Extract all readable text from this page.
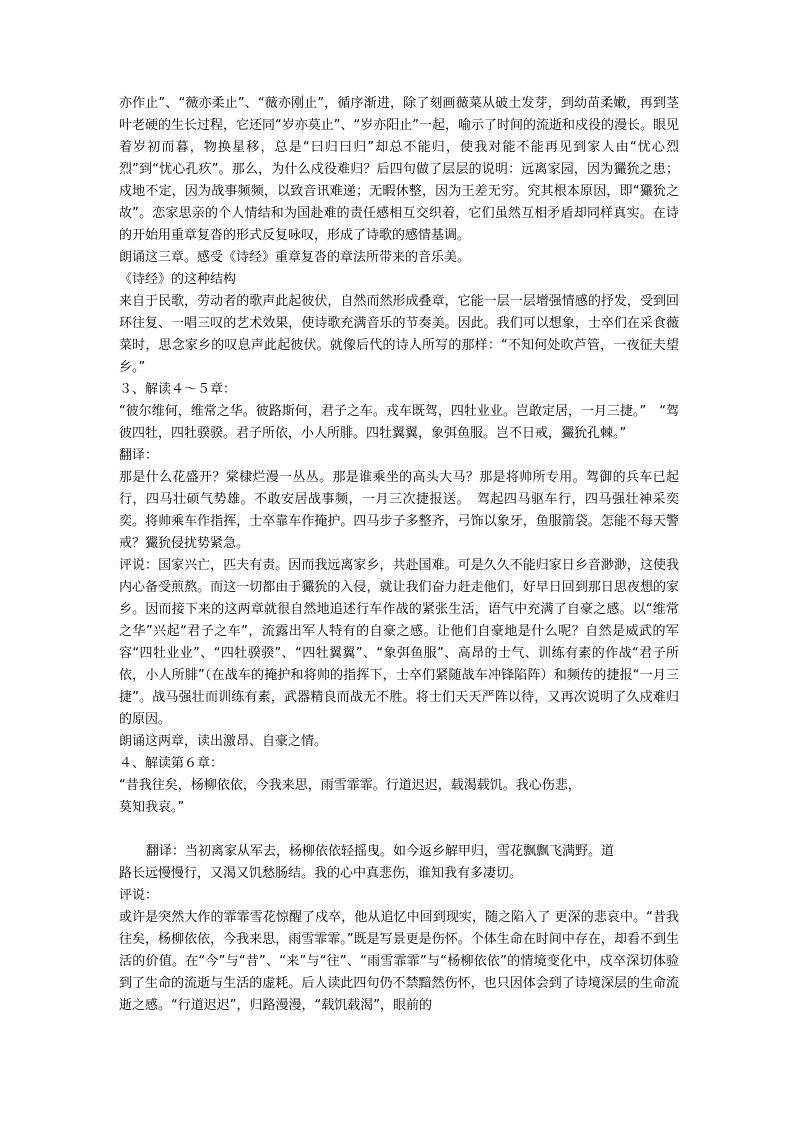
亦作止”、“薇亦柔止”、“薇亦刚止”，循序渐进，除了刻画薇菜从破土发芽，到幼苗柔嫩，再到茎叶老硬的生长过程，它还同“岁亦莫止”、“岁亦阳止”一起，喻示了时间的流逝和戍役的漫长。眼见着岁初而暮，物换星移，总是“曰归曰归”却总不能归，使我对能不能再见到家人由“忧心烈烈”到“忧心孔疚”。那么，为什么戍役难归？后四句做了层层的说明：远离家园，因为玁狁之患；戍地不定，因为战事频频，以致音讯难递；无暇休整，因为王差无穷。究其根本原因，即“玁狁之故”。恋家思亲的个人情结和为国赴难的责任感相互交织着，它们虽然互相矛盾却同样真实。在诗的开始用重章复沓的形式反复咏叹，形成了诗歌的感情基调。

朗诵这三章。感受《诗经》重章复沓的章法所带来的音乐美。

《诗经》的这种结构

来自于民歌，劳动者的歌声此起彼伏，自然而然形成叠章，它能一层一层增强情感的抒发，受到回环往复、一唱三叹的艺术效果，使诗歌充满音乐的节奏美。因此。我们可以想象，士卒们在采食薇菜时，思念家乡的叹息声此起彼伏。就像后代的诗人所写的那样：“不知何处吹芦管，一夜征夫望乡。”

３、解读４～５章：

“彼尔维何，维常之华。彼路斯何，君子之车。戎车既驾，四牡业业。岂敢定居，一月三捷。”　“驾彼四牡，四牡骙骙。君子所依，小人所腓。四牡翼翼，象弭鱼服。岂不日戒，玁狁孔棘。”

翻译：

那是什么花盛开？棠棣烂漫一丛丛。那是谁乘坐的高头大马？那是将帅所专用。驾御的兵车已起行，四马壮硕气势雄。不敢安居战事频，一月三次捷报送。　驾起四马驱车行，四马强壮神采奕奕。将帅乘车作指挥，士卒靠车作掩护。四马步子多整齐，弓饰以象牙，鱼服箭袋。怎能不每天警戒？玁狁侵扰势紧急。

评说：国家兴亡，匹夫有责。因而我远离家乡，共赴国难。可是久久不能归家日乡音渺渺，这使我内心备受煎熬。而这一切都由于玁狁的入侵，就让我们奋力赶走他们，好早日回到那日思夜想的家乡。因而接下来的这两章就很自然地追述行车作战的紧张生活，语气中充满了自豪之感。以“维常之华”兴起“君子之车”，流露出军人特有的自豪之感。让他们自豪地是什么呢？自然是威武的军容“四牡业业”、“四牡骙骙”、“四牡翼翼”、“象弭鱼服”、高昂的士气、训练有素的作战“君子所依，小人所腓”（在战车的掩护和将帅的指挥下，士卒们紧随战车冲锋陷阵）和频传的捷报“一月三捷”。战马强壮而训练有素，武器精良而战无不胜。将士们天天严阵以待，又再次说明了久戍难归的原因。

朗诵这两章，读出激昂、自豪之情。

４、解读第６章：

“昔我往矣，杨柳依依，今我来思，雨雪霏霏。行道迟迟，载渴载饥。我心伤悲，

莫知我哀。”

　翻译：当初离家从军去，杨柳依依轻摇曳。如今返乡解甲归，雪花飘飘飞满野。道

路长远慢慢行，又渴又饥愁肠结。我的心中真悲伤，谁知我有多凄切。

评说：

或许是突然大作的霏霏雪花惊醒了戍卒，他从追忆中回到现实，随之陷入了 更深的悲哀中。“昔我往矣，杨柳依依，今我来思，雨雪霏霏。”既是写景更是伤怀。个体生命在时间中存在，却看不到生活的价值。在“今”与“昔”、“来”与“往”、“雨雪霏霏”与“杨柳依依”的情境变化中，戍卒深切体验到了生命的流逝与生活的虚耗。后人读此四句仍不禁黯然伤怀，也只因体会到了诗境深层的生命流逝之感。“行道迟迟”，归路漫漫，“载饥载渴”，眼前的
